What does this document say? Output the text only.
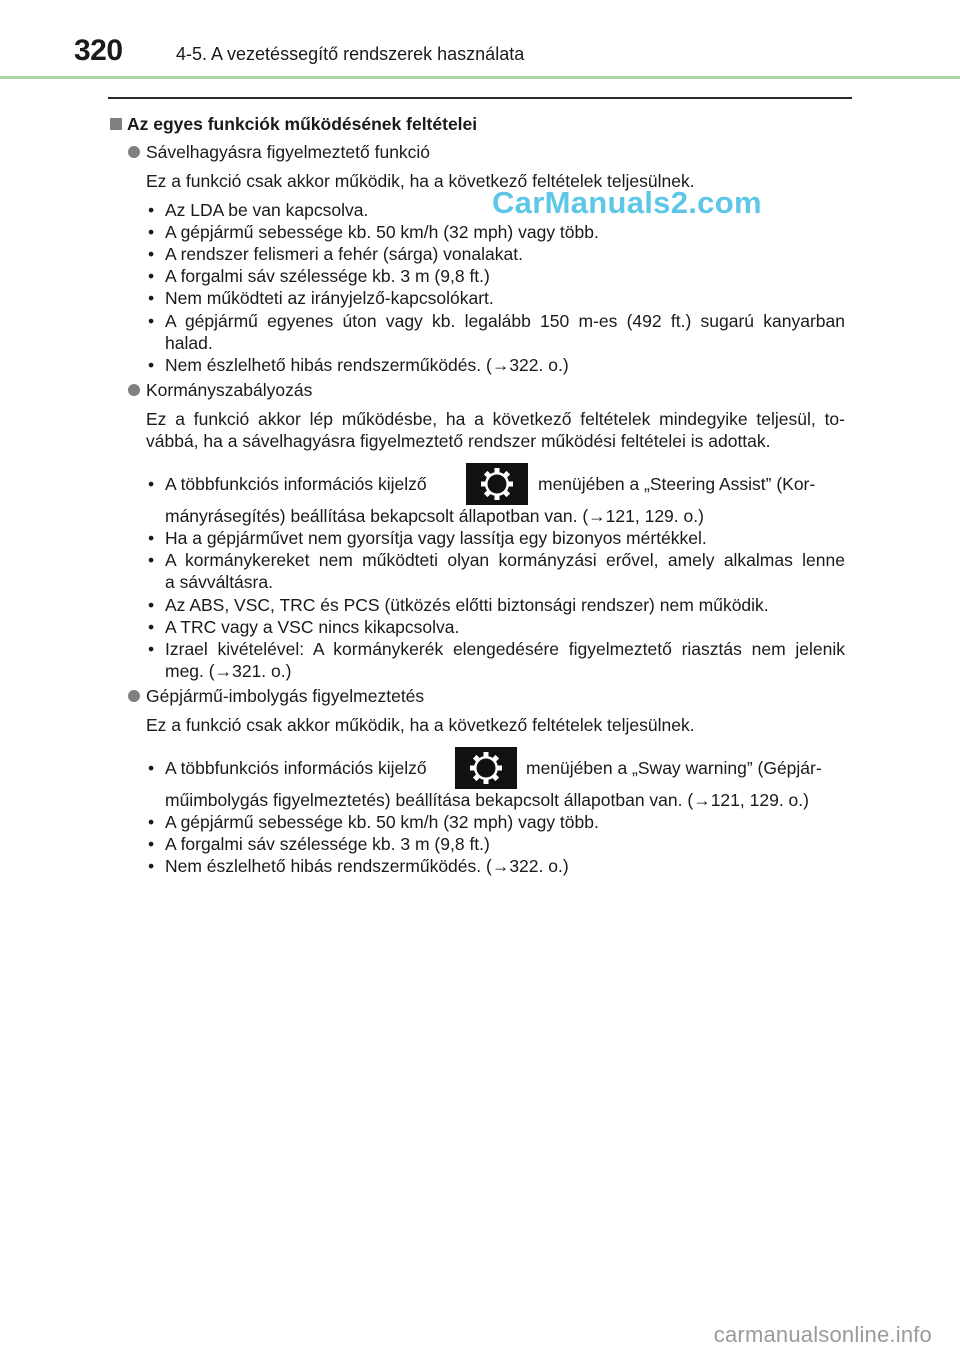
320	4-5. A vezetéssegítő rendszerek használata
Az egyes funkciók működésének feltételei
Sávelhagyásra figyelmeztető funkció
Ez a funkció csak akkor működik, ha a következő feltételek teljesülnek.
CarManuals2.com
• Az LDA be van kapcsolva.
• A gépjármű sebessége kb. 50 km/h (32 mph) vagy több.
• A rendszer felismeri a fehér (sárga) vonalakat.
• A forgalmi sáv szélessége kb. 3 m (9,8 ft.)
• Nem működteti az irányjelző-kapcsolókart.
• A gépjármű egyenes úton vagy kb. legalább 150 m-es (492 ft.) sugarú kanyarban
halad.
• Nem észlelhető hibás rendszerműködés. (→322. o.)
Kormányszabályozás
Ez a funkció akkor lép működésbe, ha a következő feltételek mindegyike teljesül, to-
vábbá, ha a sávelhagyásra figyelmeztető rendszer működési feltételei is adottak.
• A többfunkciós információs kijelző	menüjében a „Steering Assist” (Kor-
mányrásegítés) beállítása bekapcsolt állapotban van. (→121, 129. o.)
• Ha a gépjárművet nem gyorsítja vagy lassítja egy bizonyos mértékkel.
• A kormánykereket nem működteti olyan kormányzási erővel, amely alkalmas lenne
a sávváltásra.
• Az ABS, VSC, TRC és PCS (ütközés előtti biztonsági rendszer) nem működik.
• A TRC vagy a VSC nincs kikapcsolva.
• Izrael kivételével: A kormánykerék elengedésére figyelmeztető riasztás nem jelenik
meg. (→321. o.)
Gépjármű-imbolygás figyelmeztetés
Ez a funkció csak akkor működik, ha a következő feltételek teljesülnek.
• A többfunkciós információs kijelző	menüjében a „Sway warning” (Gépjár-
műimbolygás figyelmeztetés) beállítása bekapcsolt állapotban van. (→121, 129. o.)
• A gépjármű sebessége kb. 50 km/h (32 mph) vagy több.
• A forgalmi sáv szélessége kb. 3 m (9,8 ft.)
• Nem észlelhető hibás rendszerműködés. (→322. o.)
carmanualsonline.info
